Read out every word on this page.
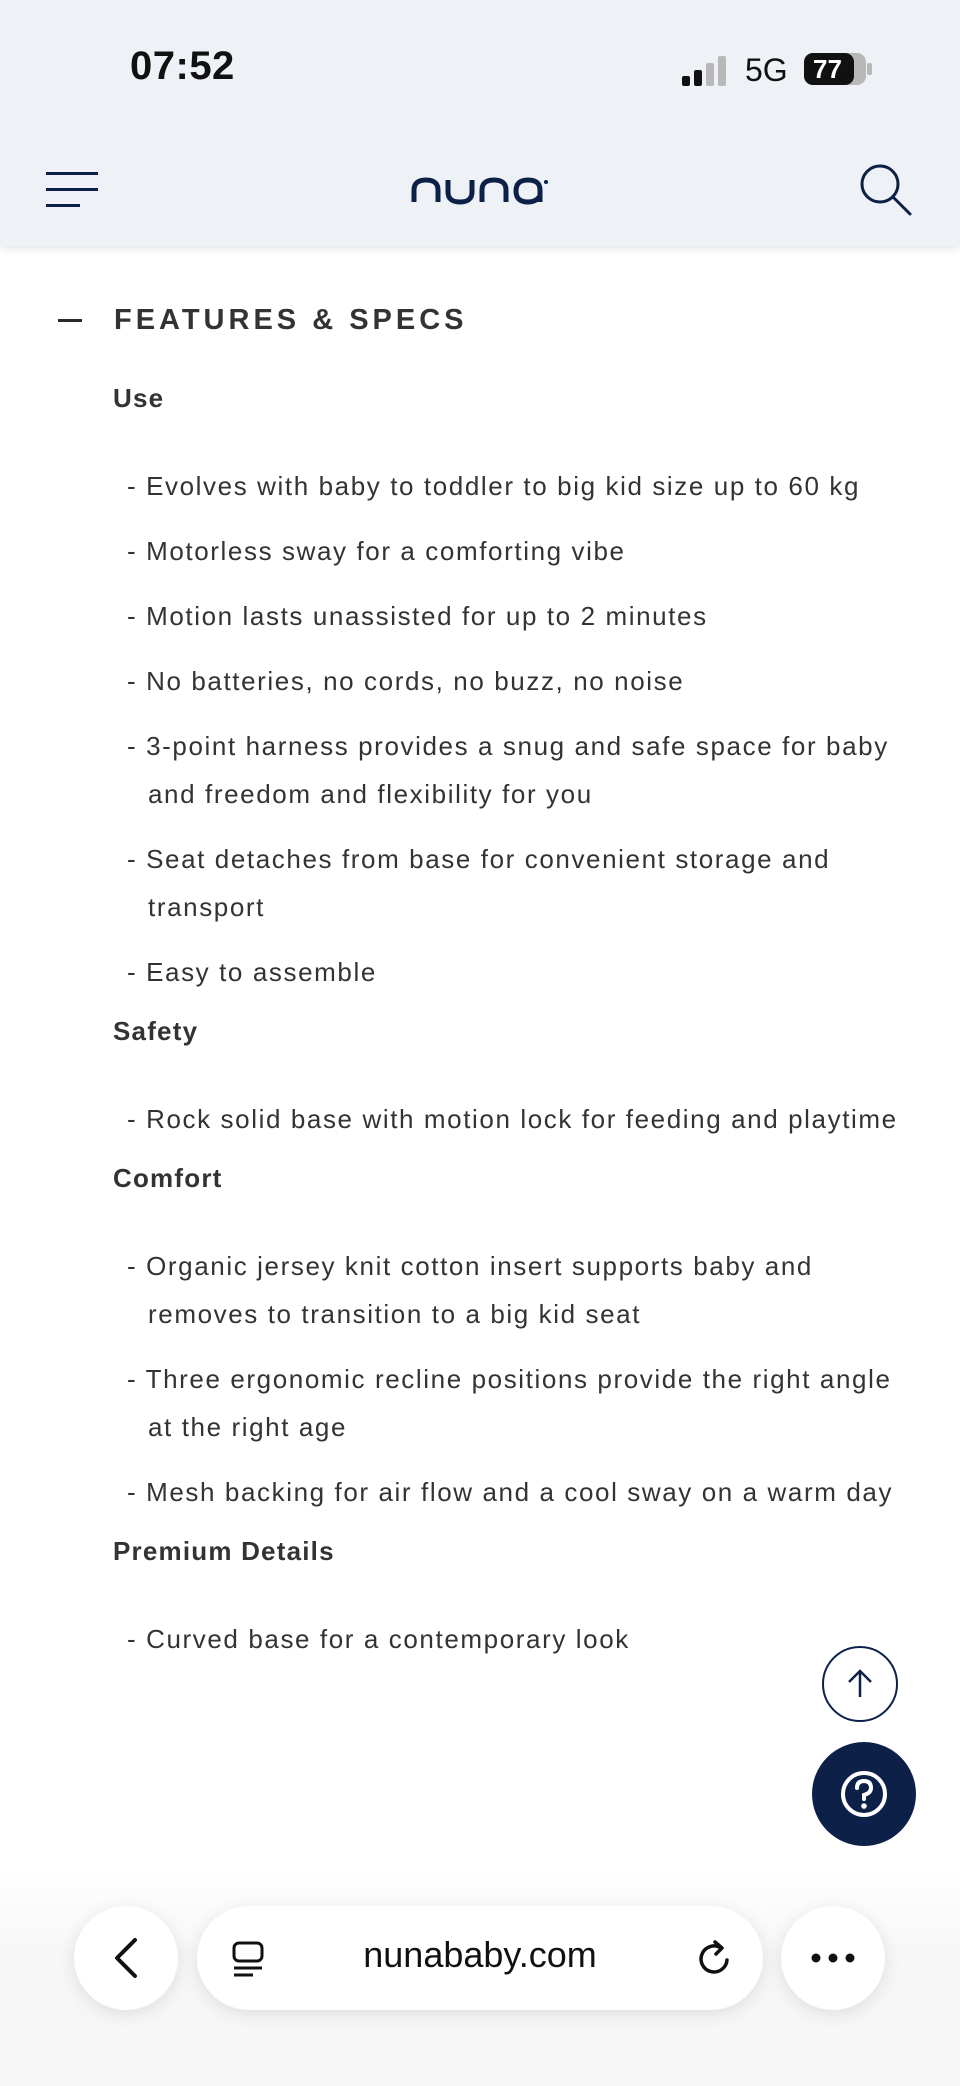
07:52	5G 77
FEATURES & SPECS
Use
- Evolves with baby to toddler to big kid size up to 60 kg
- Motorless sway for a comforting vibe
- Motion lasts unassisted for up to 2 minutes
- No batteries, no cords, no buzz, no noise
- 3-point harness provides a snug and safe space for baby and freedom and flexibility for you
- Seat detaches from base for convenient storage and transport
- Easy to assemble
Safety
- Rock solid base with motion lock for feeding and playtime
Comfort
- Organic jersey knit cotton insert supports baby and removes to transition to a big kid seat
- Three ergonomic recline positions provide the right angle at the right age
- Mesh backing for air flow and a cool sway on a warm day
Premium Details
- Curved base for a contemporary look
nunababy.com
